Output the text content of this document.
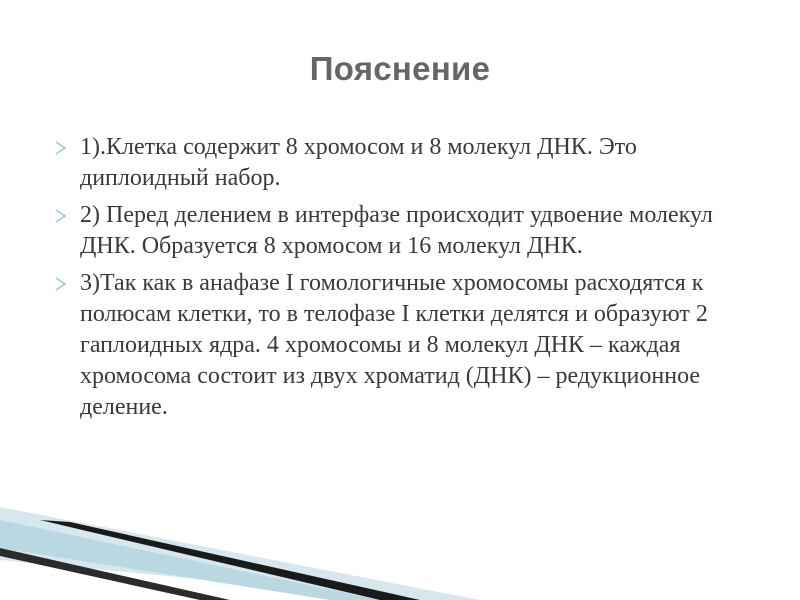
Пояснение
1).Клетка содержит 8 хромосом и 8 молекул ДНК. Это диплоидный набор.
2) Перед делением в интерфазе происходит удвоение молекул ДНК. Образуется 8 хромосом и 16 молекул ДНК.
3)Так как в анафазе I гомологичные хромосомы расходятся к полюсам клетки, то в телофазе I клетки делятся и образуют 2 гаплоидных ядра. 4 хромосомы и 8 молекул ДНК – каждая хромосома состоит из двух хроматид (ДНК) – редукционное деление.
